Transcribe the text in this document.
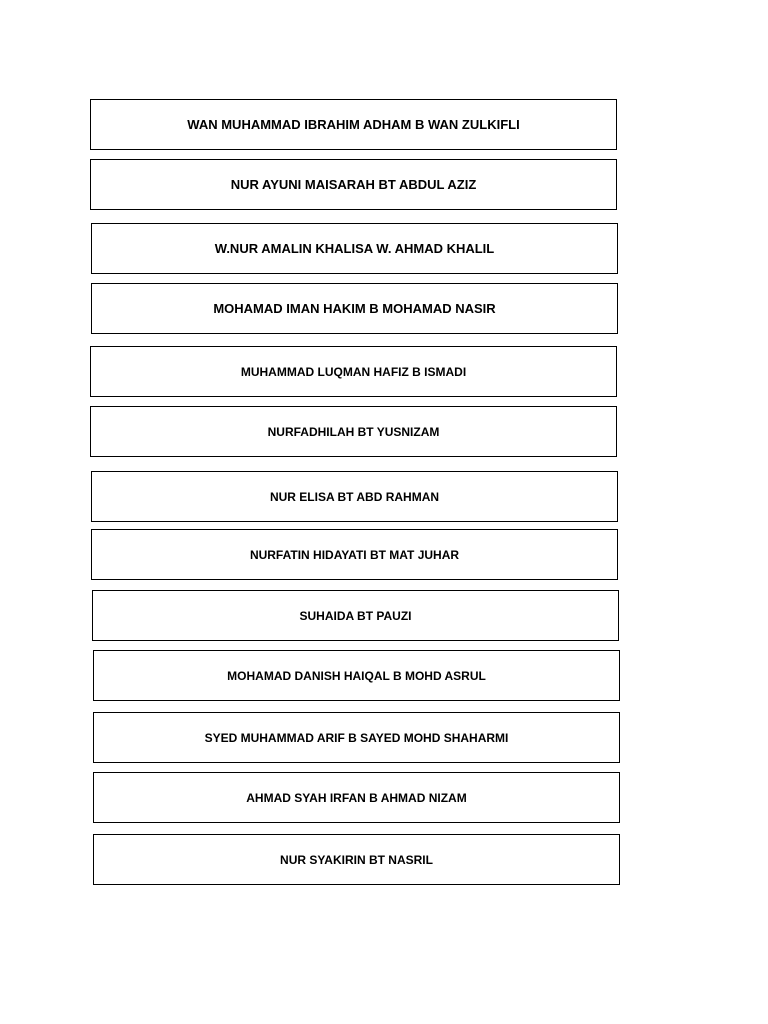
WAN MUHAMMAD IBRAHIM ADHAM B WAN ZULKIFLI
NUR AYUNI MAISARAH BT ABDUL AZIZ
W.NUR AMALIN KHALISA W. AHMAD KHALIL
MOHAMAD IMAN HAKIM B MOHAMAD NASIR
MUHAMMAD LUQMAN HAFIZ B ISMADI
NURFADHILAH BT YUSNIZAM
NUR ELISA BT ABD RAHMAN
NURFATIN HIDAYATI BT MAT JUHAR
SUHAIDA BT PAUZI
MOHAMAD DANISH HAIQAL B MOHD ASRUL
SYED MUHAMMAD ARIF B SAYED MOHD SHAHARMI
AHMAD SYAH IRFAN B AHMAD NIZAM
NUR SYAKIRIN BT NASRIL
